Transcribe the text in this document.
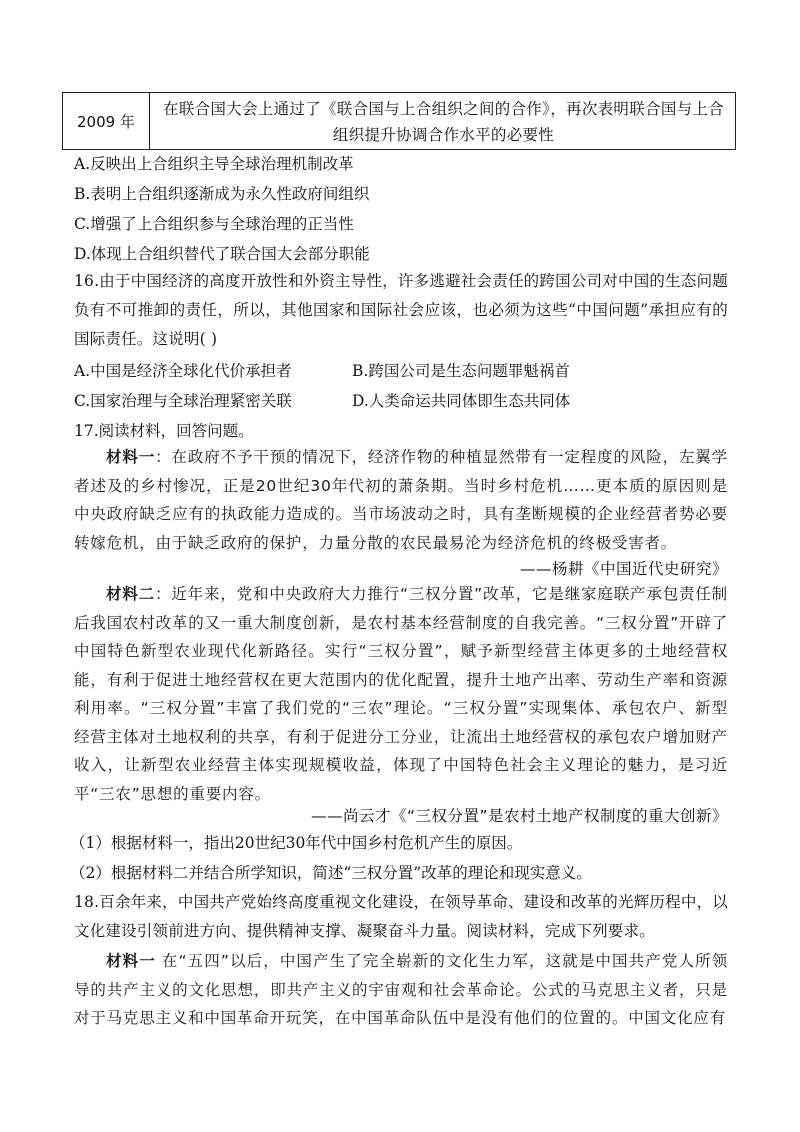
2009 年
在联合国大会上通过了《联合国与上合组织之间的合作》，再次表明联合国与上合组织提升协调合作水平的必要性
A.反映出上合组织主导全球治理机制改革
B.表明上合组织逐渐成为永久性政府间组织
C.增强了上合组织参与全球治理的正当性
D.体现上合组织替代了联合国大会部分职能
16.由于中国经济的高度开放性和外资主导性，许多逃避社会责任的跨国公司对中国的生态问题负有不可推卸的责任，所以，其他国家和国际社会应该，也必须为这些“中国问题”承担应有的国际责任。这说明( )
A.中国是经济全球化代价承担者	B.跨国公司是生态问题罪魁祸首
C.国家治理与全球治理紧密关联	D.人类命运共同体即生态共同体
17.阅读材料，回答问题。
材料一：在政府不予干预的情况下，经济作物的种植显然带有一定程度的风险，左翼学者述及的乡村惨况，正是20世纪30年代初的萧条期。当时乡村危机……更本质的原因则是中央政府缺乏应有的执政能力造成的。当市场波动之时，具有垄断规模的企业经营者势必要转嫁危机，由于缺乏政府的保护，力量分散的农民最易沦为经济危机的终极受害者。
——杨耕《中国近代史研究》
材料二：近年来，党和中央政府大力推行“三权分置”改革，它是继家庭联产承包责任制后我国农村改革的又一重大制度创新，是农村基本经营制度的自我完善。“三权分置”开辟了中国特色新型农业现代化新路径。实行“三权分置”，赋予新型经营主体更多的土地经营权能，有利于促进土地经营权在更大范围内的优化配置，提升土地产出率、劳动生产率和资源利用率。“三权分置”丰富了我们党的“三农”理论。“三权分置”实现集体、承包农户、新型经营主体对土地权利的共享，有利于促进分工分业，让流出土地经营权的承包农户增加财产收入，让新型农业经营主体实现规模收益，体现了中国特色社会主义理论的魅力，是习近平“三农”思想的重要内容。
——尚云才《“三权分置”是农村土地产权制度的重大创新》
（1）根据材料一，指出20世纪30年代中国乡村危机产生的原因。
（2）根据材料二并结合所学知识，简述“三权分置”改革的理论和现实意义。
18.百余年来，中国共产党始终高度重视文化建设，在领导革命、建设和改革的光辉历程中，以文化建设引领前进方向、提供精神支撑、凝聚奋斗力量。阅读材料，完成下列要求。
材料一 在“五四”以后，中国产生了完全崭新的文化生力军，这就是中国共产党人所领导的共产主义的文化思想，即共产主义的宇宙观和社会革命论。公式的马克思主义者，只是对于马克思主义和中国革命开玩笑，在中国革命队伍中是没有他们的位置的。中国文化应有
